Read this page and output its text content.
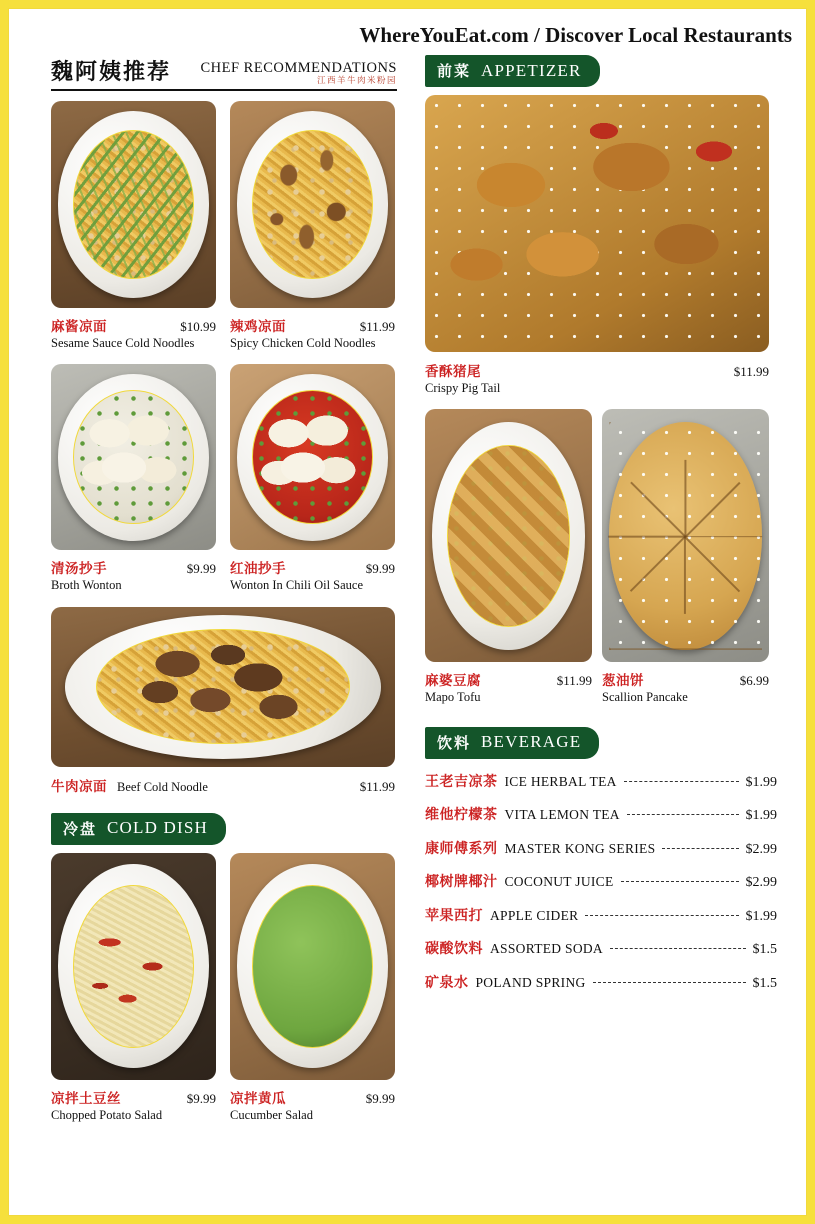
WhereYouEat.com / Discover Local Restaurants
魏阿姨推荐 CHEF RECOMMENDATIONS
江西羊牛肉米粉园
麻酱凉面	$10.99
Sesame Sauce Cold Noodles
辣鸡凉面	$11.99
Spicy Chicken Cold Noodles
清汤抄手	$9.99
Broth Wonton
红油抄手	$9.99
Wonton In Chili Oil Sauce
牛肉凉面 Beef Cold Noodle	$11.99
冷盘 COLD DISH
凉拌土豆丝	$9.99
Chopped Potato Salad
凉拌黄瓜	$9.99
Cucumber Salad
前菜 APPETIZER
香酥猪尾	$11.99
Crispy Pig Tail
麻婆豆腐	$11.99
Mapo Tofu
葱油饼	$6.99
Scallion Pancake
饮料 BEVERAGE
王老吉凉茶 ICE HERBAL TEA	$1.99
维他柠檬茶 VITA LEMON TEA	$1.99
康师傅系列 MASTER KONG SERIES	$2.99
椰树牌椰汁 COCONUT JUICE	$2.99
苹果西打 APPLE CIDER	$1.99
碳酸饮料 ASSORTED SODA	$1.5
矿泉水 POLAND SPRING	$1.5
